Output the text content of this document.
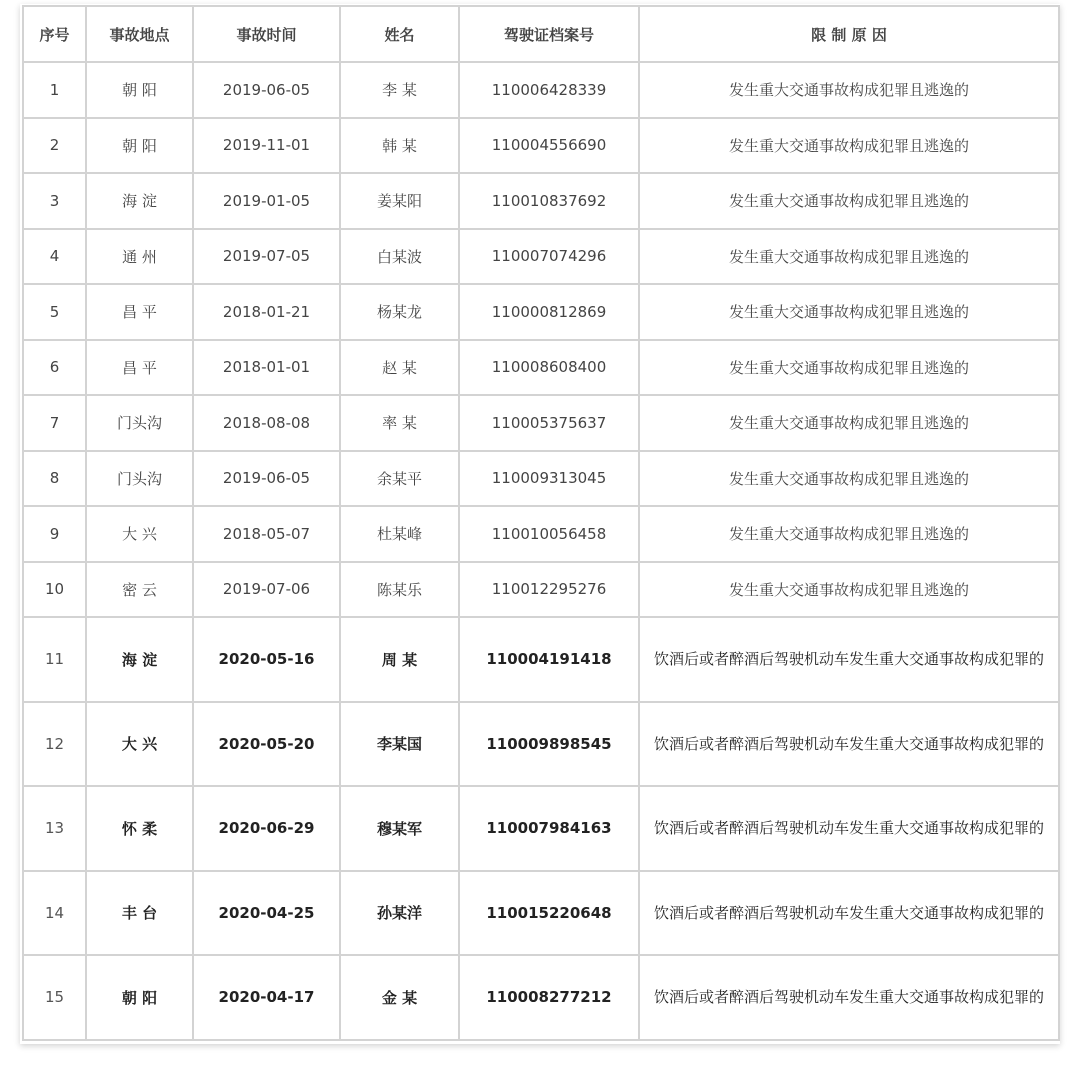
序号	事故地点	事故时间	姓名	驾驶证档案号	限 制 原 因
1	朝 阳	2019-06-05	李 某	110006428339	发生重大交通事故构成犯罪且逃逸的
2	朝 阳	2019-11-01	韩 某	110004556690	发生重大交通事故构成犯罪且逃逸的
3	海 淀	2019-01-05	姜某阳	110010837692	发生重大交通事故构成犯罪且逃逸的
4	通 州	2019-07-05	白某波	110007074296	发生重大交通事故构成犯罪且逃逸的
5	昌 平	2018-01-21	杨某龙	110000812869	发生重大交通事故构成犯罪且逃逸的
6	昌 平	2018-01-01	赵 某	110008608400	发生重大交通事故构成犯罪且逃逸的
7	门头沟	2018-08-08	率 某	110005375637	发生重大交通事故构成犯罪且逃逸的
8	门头沟	2019-06-05	余某平	110009313045	发生重大交通事故构成犯罪且逃逸的
9	大 兴	2018-05-07	杜某峰	110010056458	发生重大交通事故构成犯罪且逃逸的
10	密 云	2019-07-06	陈某乐	110012295276	发生重大交通事故构成犯罪且逃逸的
11	海 淀	2020-05-16	周 某	110004191418	饮酒后或者醉酒后驾驶机动车发生重大交通事故构成犯罪的
12	大 兴	2020-05-20	李某国	110009898545	饮酒后或者醉酒后驾驶机动车发生重大交通事故构成犯罪的
13	怀 柔	2020-06-29	穆某军	110007984163	饮酒后或者醉酒后驾驶机动车发生重大交通事故构成犯罪的
14	丰 台	2020-04-25	孙某洋	110015220648	饮酒后或者醉酒后驾驶机动车发生重大交通事故构成犯罪的
15	朝 阳	2020-04-17	金 某	110008277212	饮酒后或者醉酒后驾驶机动车发生重大交通事故构成犯罪的
